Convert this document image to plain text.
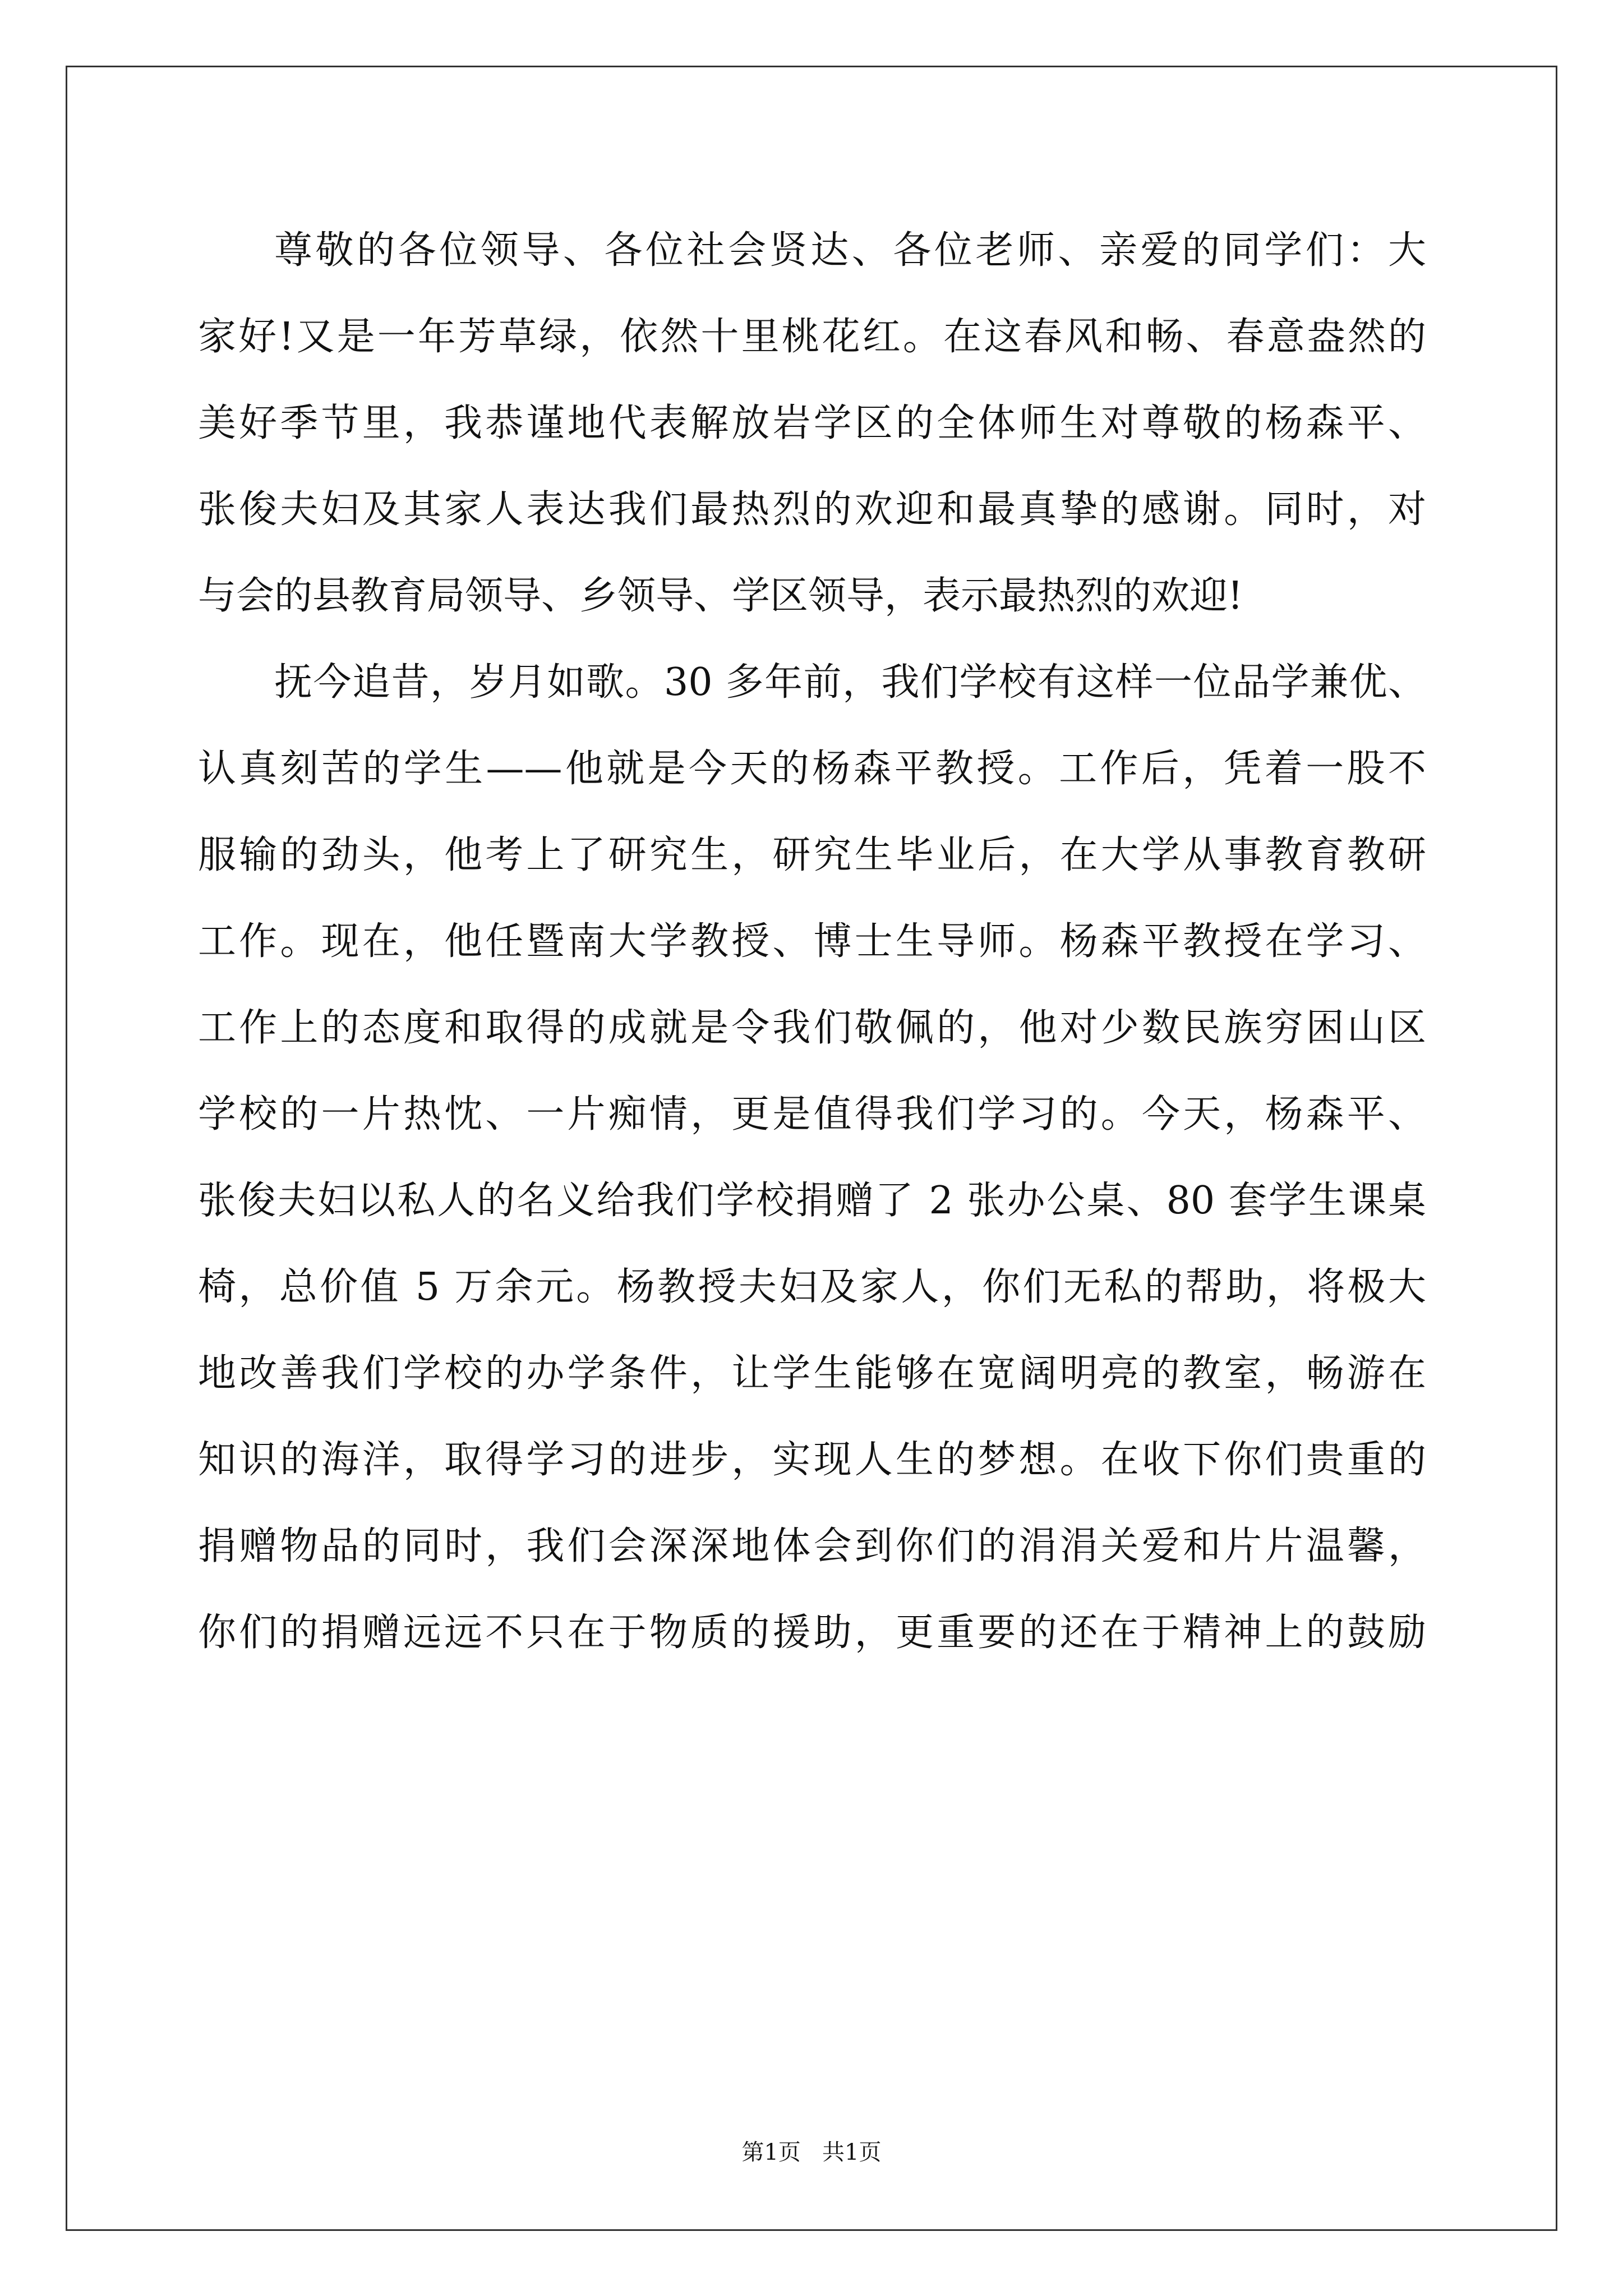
尊敬的各位领导、各位社会贤达、各位老师、亲爱的同学们：大
家好!又是一年芳草绿，依然十里桃花红。在这春风和畅、春意盎然的
美好季节里，我恭谨地代表解放岩学区的全体师生对尊敬的杨森平、
张俊夫妇及其家人表达我们最热烈的欢迎和最真挚的感谢。同时，对
与会的县教育局领导、乡领导、学区领导，表示最热烈的欢迎!
抚今追昔，岁月如歌。30 多年前，我们学校有这样一位品学兼优、
认真刻苦的学生——他就是今天的杨森平教授。工作后，凭着一股不
服输的劲头，他考上了研究生，研究生毕业后，在大学从事教育教研
工作。现在，他任暨南大学教授、博士生导师。杨森平教授在学习、
工作上的态度和取得的成就是令我们敬佩的，他对少数民族穷困山区
学校的一片热忱、一片痴情，更是值得我们学习的。今天，杨森平、
张俊夫妇以私人的名义给我们学校捐赠了 2 张办公桌、80 套学生课桌
椅，总价值 5 万余元。杨教授夫妇及家人，你们无私的帮助，将极大
地改善我们学校的办学条件，让学生能够在宽阔明亮的教室，畅游在
知识的海洋，取得学习的进步，实现人生的梦想。在收下你们贵重的
捐赠物品的同时，我们会深深地体会到你们的涓涓关爱和片片温馨，
你们的捐赠远远不只在于物质的援助，更重要的还在于精神上的鼓励
第1页   共1页
